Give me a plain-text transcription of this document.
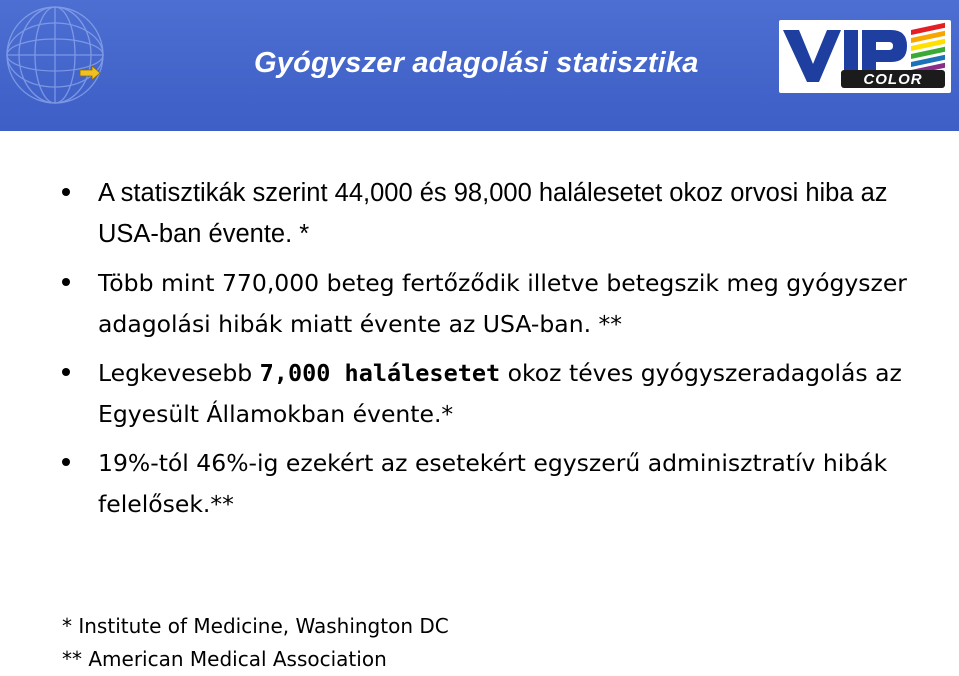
Gyógyszer adagolási statisztika
COLOR
A statisztikák szerint 44,000 és 98,000 halálesetet okoz orvosi hiba az USA-ban évente. *
Több mint 770,000 beteg fertőződik illetve betegszik meg gyógyszer adagolási hibák miatt évente az USA-ban. **
Legkevesebb 7,000 halálesetet okoz téves gyógyszeradagolás az Egyesült Államokban évente.*
19%-tól 46%-ig ezekért az esetekért egyszerű adminisztratív hibák felelősek.**
* Institute of Medicine, Washington DC
** American Medical Association
